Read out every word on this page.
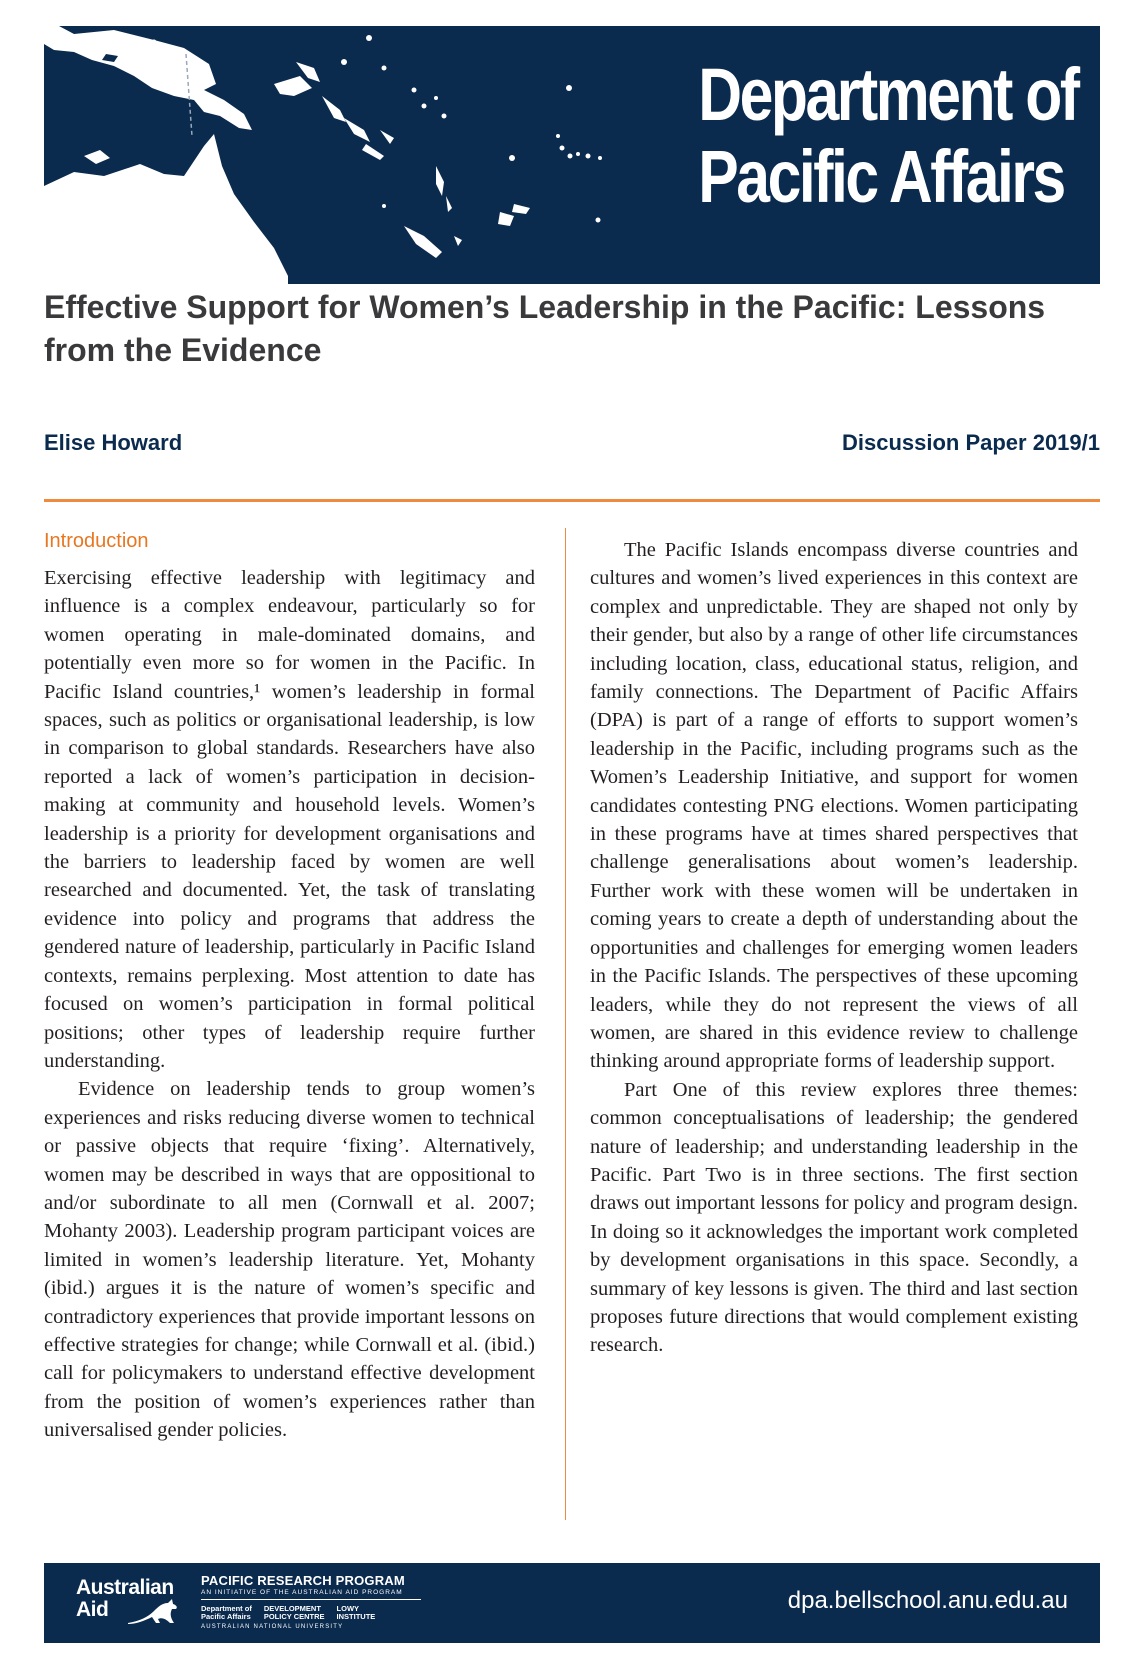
Department of
Pacific Affairs
Effective Support for Women’s Leadership in the Pacific: Lessons from the Evidence
Elise Howard	Discussion Paper 2019/1
Introduction

Exercising effective leadership with legitimacy and influence is a complex endeavour, particularly so for women operating in male-dominated domains, and potentially even more so for women in the Pacific. In Pacific Island countries,¹ women’s leadership in formal spaces, such as politics or organisational leadership, is low in comparison to global standards. Researchers have also reported a lack of women’s participation in decision-making at community and household levels. Women’s leadership is a priority for development organisations and the barriers to leadership faced by women are well researched and documented. Yet, the task of translating evidence into policy and programs that address the gendered nature of leadership, particularly in Pacific Island contexts, remains perplexing. Most attention to date has focused on women’s participation in formal political positions; other types of leadership require further understanding.

Evidence on leadership tends to group women’s experiences and risks reducing diverse women to technical or passive objects that require ‘fixing’. Alternatively, women may be described in ways that are oppositional to and/or subordinate to all men (Cornwall et al. 2007; Mohanty 2003). Leadership program participant voices are limited in women’s leadership literature. Yet, Mohanty (ibid.) argues it is the nature of women’s specific and contradictory experiences that provide important lessons on effective strategies for change; while Cornwall et al. (ibid.) call for policymakers to understand effective development from the position of women’s experiences rather than universalised gender policies.

The Pacific Islands encompass diverse countries and cultures and women’s lived experiences in this context are complex and unpredictable. They are shaped not only by their gender, but also by a range of other life circumstances including location, class, educational status, religion, and family connections. The Department of Pacific Affairs (DPA) is part of a range of efforts to support women’s leadership in the Pacific, including programs such as the Women’s Leadership Initiative, and support for women candidates contesting PNG elections. Women participating in these programs have at times shared perspectives that challenge generalisations about women’s leadership. Further work with these women will be undertaken in coming years to create a depth of understanding about the opportunities and challenges for emerging women leaders in the Pacific Islands. The perspectives of these upcoming leaders, while they do not represent the views of all women, are shared in this evidence review to challenge thinking around appropriate forms of leadership support.

Part One of this review explores three themes: common conceptualisations of leadership; the gendered nature of leadership; and understanding leadership in the Pacific. Part Two is in three sections. The first section draws out important lessons for policy and program design. In doing so it acknowledges the important work completed by development organisations in this space. Secondly, a summary of key lessons is given. The third and last section proposes future directions that would complement existing research.

Australian
Aid
PACIFIC RESEARCH PROGRAM
AN INITIATIVE OF THE AUSTRALIAN AID PROGRAM
Department of
Pacific Affairs
DEVELOPMENT
POLICY CENTRE
LOWY
INSTITUTE
AUSTRALIAN NATIONAL UNIVERSITY
dpa.bellschool.anu.edu.au
